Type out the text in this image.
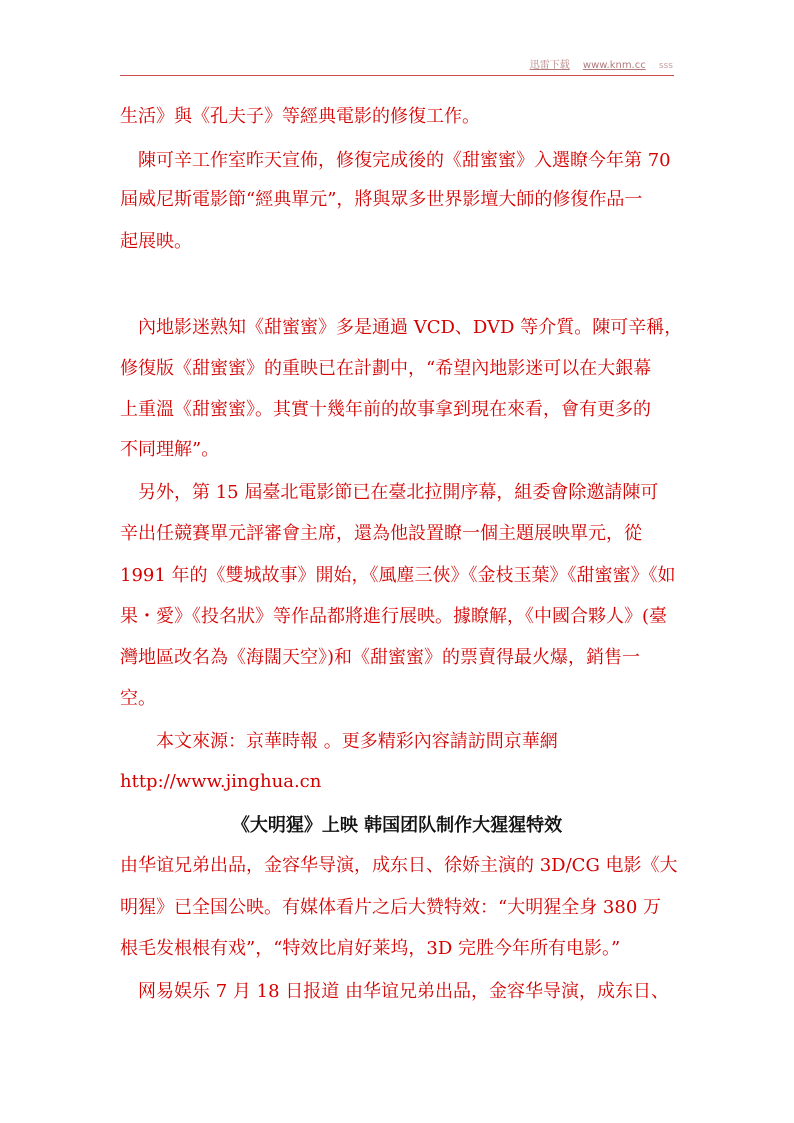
迅雷下载 www.knm.cc sss
生活》與《孔夫子》等經典電影的修復工作。
陳可辛工作室昨天宣佈，修復完成後的《甜蜜蜜》入選瞭今年第 70
屆威尼斯電影節“經典單元”，將與眾多世界影壇大師的修復作品一
起展映。
內地影迷熟知《甜蜜蜜》多是通過 VCD、DVD 等介質。陳可辛稱，
修復版《甜蜜蜜》的重映已在計劃中，“希望內地影迷可以在大銀幕
上重溫《甜蜜蜜》。其實十幾年前的故事拿到現在來看，會有更多的
不同理解”。
另外，第 15 屆臺北電影節已在臺北拉開序幕，組委會除邀請陳可
辛出任競賽單元評審會主席，還為他設置瞭一個主題展映單元，從
1991 年的《雙城故事》開始，《風塵三俠》《金枝玉葉》《甜蜜蜜》《如
果・愛》《投名狀》等作品都將進行展映。據瞭解，《中國合夥人》(臺
灣地區改名為《海闊天空》)和《甜蜜蜜》的票賣得最火爆，銷售一
空。
本文來源：京華時報 。更多精彩內容請訪問京華網
http://www.jinghua.cn
《大明猩》上映 韩国团队制作大猩猩特效
由华谊兄弟出品，金容华导演，成东日、徐娇主演的 3D/CG 电影《大
明猩》已全国公映。有媒体看片之后大赞特效：“大明猩全身 380 万
根毛发根根有戏”，“特效比肩好莱坞，3D 完胜今年所有电影。”
网易娱乐 7 月 18 日报道 由华谊兄弟出品，金容华导演，成东日、
